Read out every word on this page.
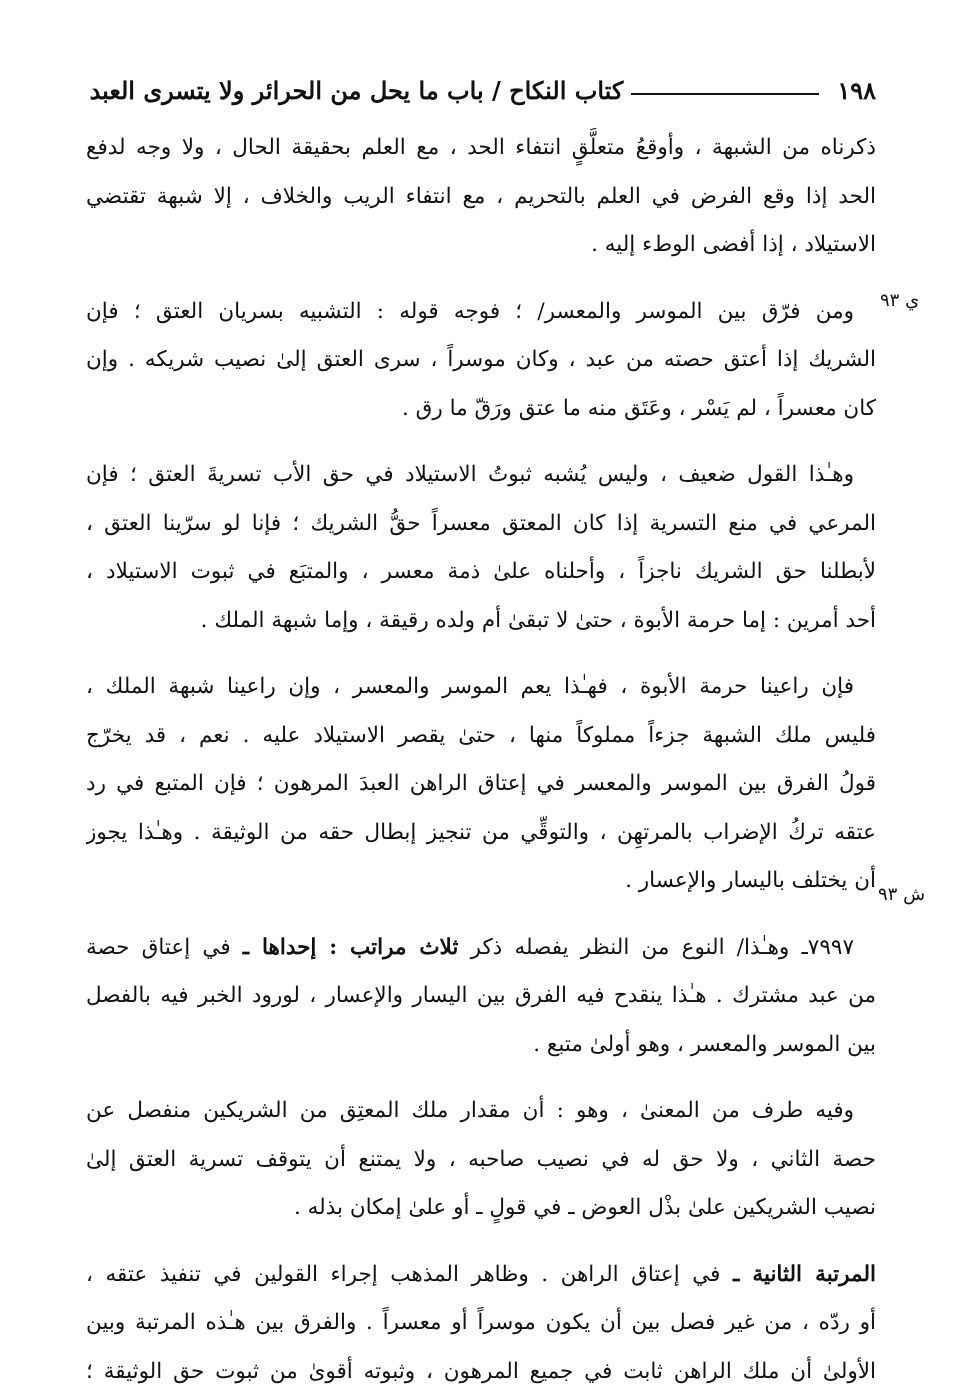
١٩٨
كتاب النكاح / باب ما يحل من الحرائر ولا يتسرى العبد
ي ٩٣
ش ٩٣

ذكرناه من الشبهة ، وأوقعُ متعلَّقٍ انتفاء الحد ، مع العلم بحقيقة الحال ، ولا وجه لدفع
الحد إذا وقع الفرض في العلم بالتحريم ، مع انتفاء الريب والخلاف ، إلا شبهة تقتضي
الاستيلاد ، إذا أفضى الوطء إليه .

ومن فرّق بين الموسر والمعسر/ ؛ فوجه قوله : التشبيه بسريان العتق ؛ فإن
الشريك إذا أعتق حصته من عبد ، وكان موسراً ، سرى العتق إلىٰ نصيب شريكه . وإن
كان معسراً ، لم يَسْر ، وعَتَق منه ما عتق ورَقّ ما رق .

وهـٰذا القول ضعيف ، وليس يُشبه ثبوتُ الاستيلاد في حق الأب تسريةَ العتق ؛ فإن
المرعي في منع التسرية إذا كان المعتق معسراً حقُّ الشريك ؛ فإنا لو سرّينا العتق ،
لأبطلنا حق الشريك ناجزاً ، وأحلناه علىٰ ذمة معسر ، والمتبَع في ثبوت الاستيلاد ،
أحد أمرين : إما حرمة الأبوة ، حتىٰ لا تبقىٰ أم ولده رقيقة ، وإما شبهة الملك .

فإن راعينا حرمة الأبوة ، فهـٰذا يعم الموسر والمعسر ، وإن راعينا شبهة الملك ،
فليس ملك الشبهة جزءاً مملوكاً منها ، حتىٰ يقصر الاستيلاد عليه . نعم ، قد يخرّج
قولُ الفرق بين الموسر والمعسر في إعتاق الراهن العبدَ المرهون ؛ فإن المتبع في رد
عتقه تركُ الإضراب بالمرتهِن ، والتوقِّي من تنجيز إبطال حقه من الوثيقة . وهـٰذا يجوز
أن يختلف باليسار والإعسار .

٧٩٩٧ـ وهـٰذا/ النوع من النظر يفصله ذكر ثلاث مراتب : إحداها ـ في إعتاق حصة
من عبد مشترك . هـٰذا ينقدح فيه الفرق بين اليسار والإعسار ، لورود الخبر فيه بالفصل
بين الموسر والمعسر ، وهو أولىٰ متبع .

وفيه طرف من المعنىٰ ، وهو : أن مقدار ملك المعتِق من الشريكين منفصل عن
حصة الثاني ، ولا حق له في نصيب صاحبه ، ولا يمتنع أن يتوقف تسرية العتق إلىٰ
نصيب الشريكين علىٰ بذْل العوض ـ في قولٍ ـ أو علىٰ إمكان بذله .

المرتبة الثانية ـ في إعتاق الراهن . وظاهر المذهب إجراء القولين في تنفيذ عتقه ،
أو ردّه ، من غير فصل بين أن يكون موسراً أو معسراً . والفرق بين هـٰذه المرتبة وبين
الأولىٰ أن ملك الراهن ثابت في جميع المرهون ، وثبوته أقوىٰ من ثبوت حق الوثيقة ؛
